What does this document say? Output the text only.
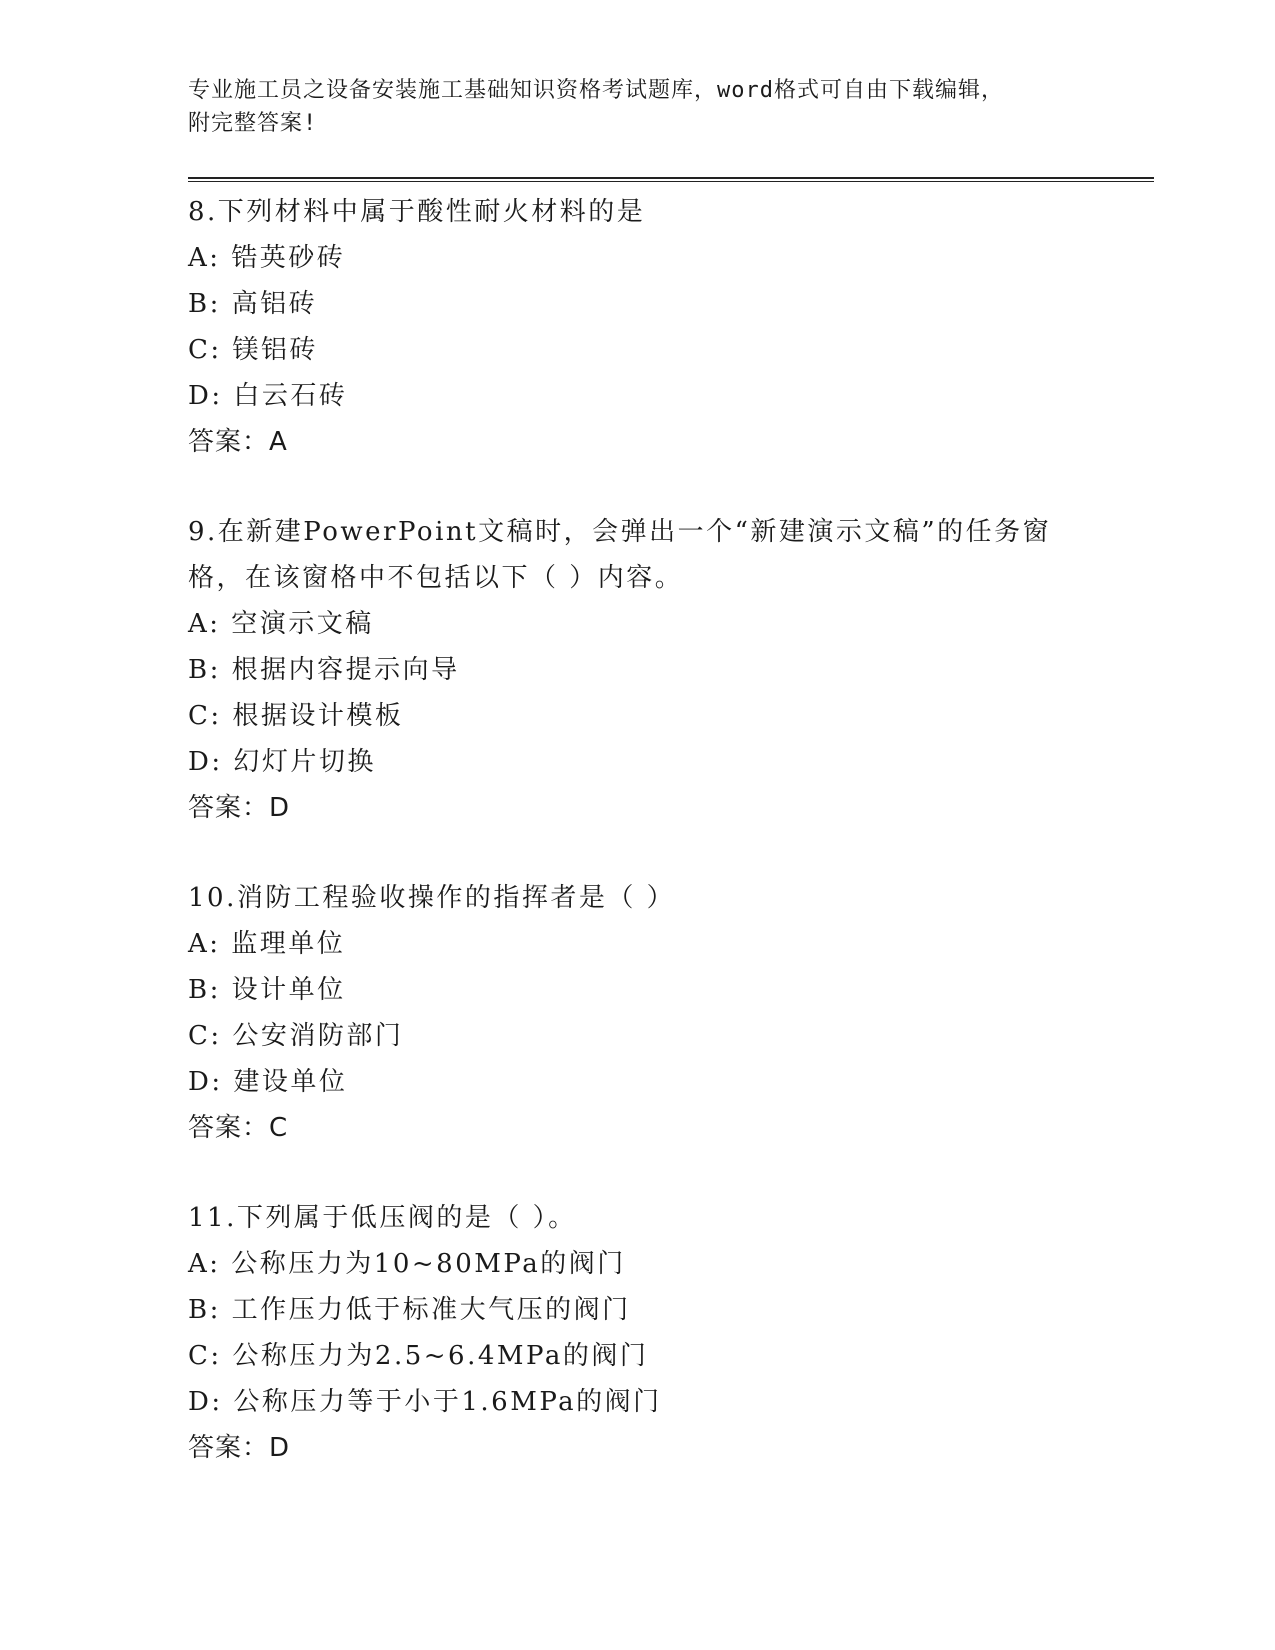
专业施工员之设备安装施工基础知识资格考试题库，word格式可自由下载编辑，
附完整答案!
8.下列材料中属于酸性耐火材料的是
A: 锆英砂砖
B: 高铝砖
C: 镁铝砖
D: 白云石砖
答案：A
9.在新建PowerPoint文稿时，会弹出一个“新建演示文稿”的任务窗格，在该窗格中不包括以下（ ）内容。
A: 空演示文稿
B: 根据内容提示向导
C: 根据设计模板
D: 幻灯片切换
答案：D
10.消防工程验收操作的指挥者是（ ）
A: 监理单位
B: 设计单位
C: 公安消防部门
D: 建设单位
答案：C
11.下列属于低压阀的是（ ）。
A: 公称压力为10~80MPa的阀门
B: 工作压力低于标准大气压的阀门
C: 公称压力为2.5~6.4MPa的阀门
D: 公称压力等于小于1.6MPa的阀门
答案：D
